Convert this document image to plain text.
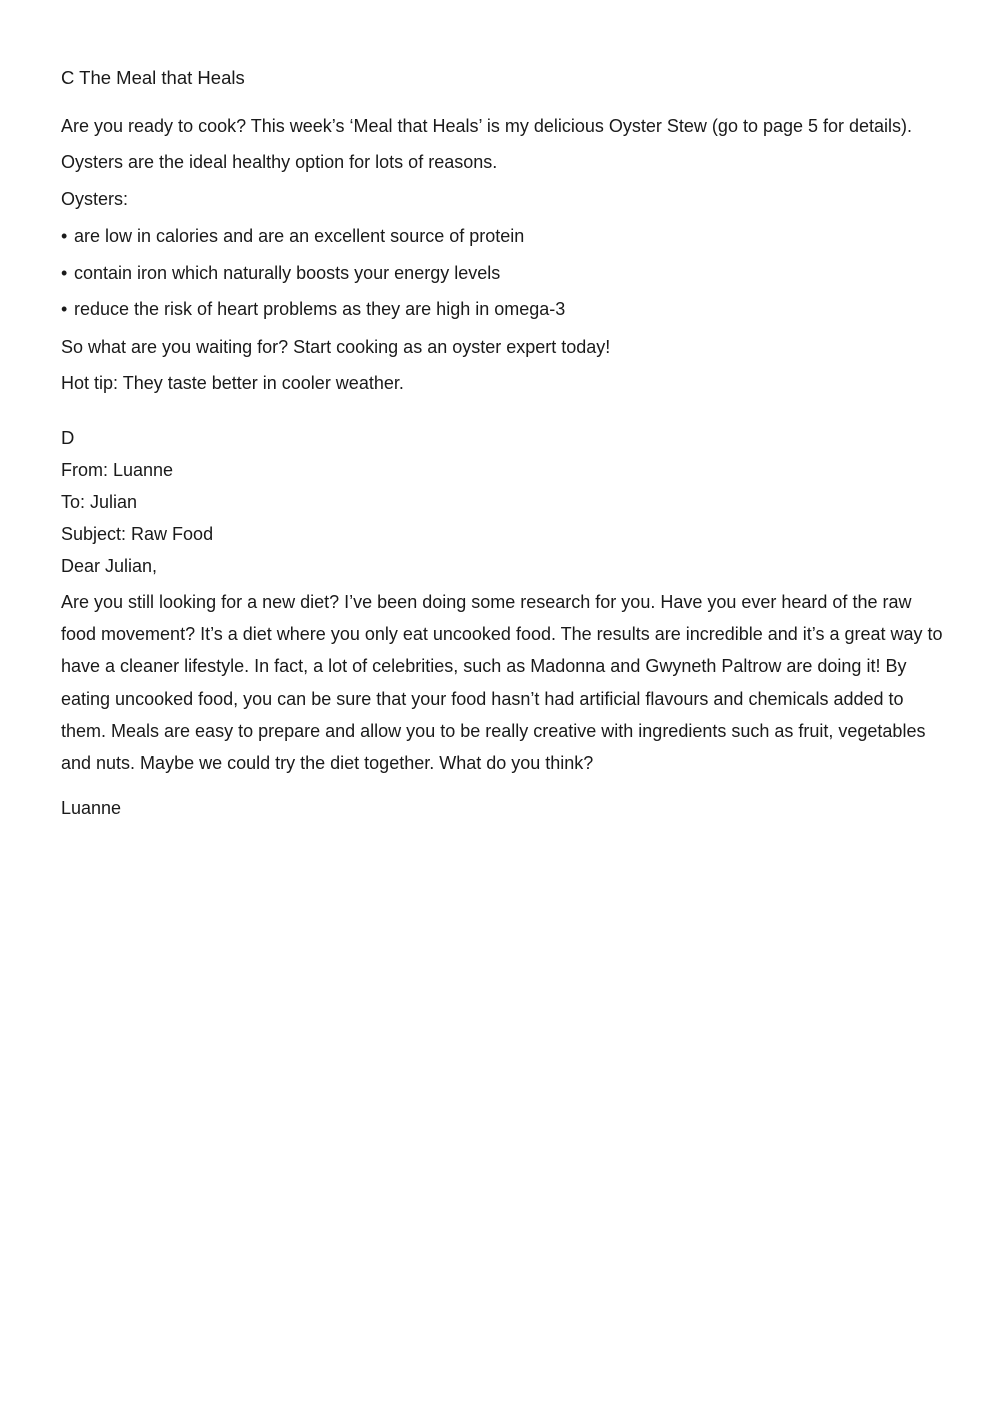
C The Meal that Heals
Are you ready to cook? This week’s ‘Meal that Heals’ is my delicious Oyster Stew (go to page 5 for details).
Oysters are the ideal healthy option for lots of reasons.
Oysters:
• are low in calories and are an excellent source of protein
• contain iron which naturally boosts your energy levels
• reduce the risk of heart problems as they are high in omega-3
So what are you waiting for? Start cooking as an oyster expert today!
Hot tip: They taste better in cooler weather.
D
From: Luanne
To: Julian
Subject: Raw Food
Dear Julian,
Are you still looking for a new diet? I’ve been doing some research for you. Have you ever heard of the raw food movement? It’s a diet where you only eat uncooked food. The results are incredible and it’s a great way to have a cleaner lifestyle. In fact, a lot of celebrities, such as Madonna and Gwyneth Paltrow are doing it! By eating uncooked food, you can be sure that your food hasn’t had artificial flavours and chemicals added to them. Meals are easy to prepare and allow you to be really creative with ingredients such as fruit, vegetables and nuts. Maybe we could try the diet together. What do you think?
Luanne
